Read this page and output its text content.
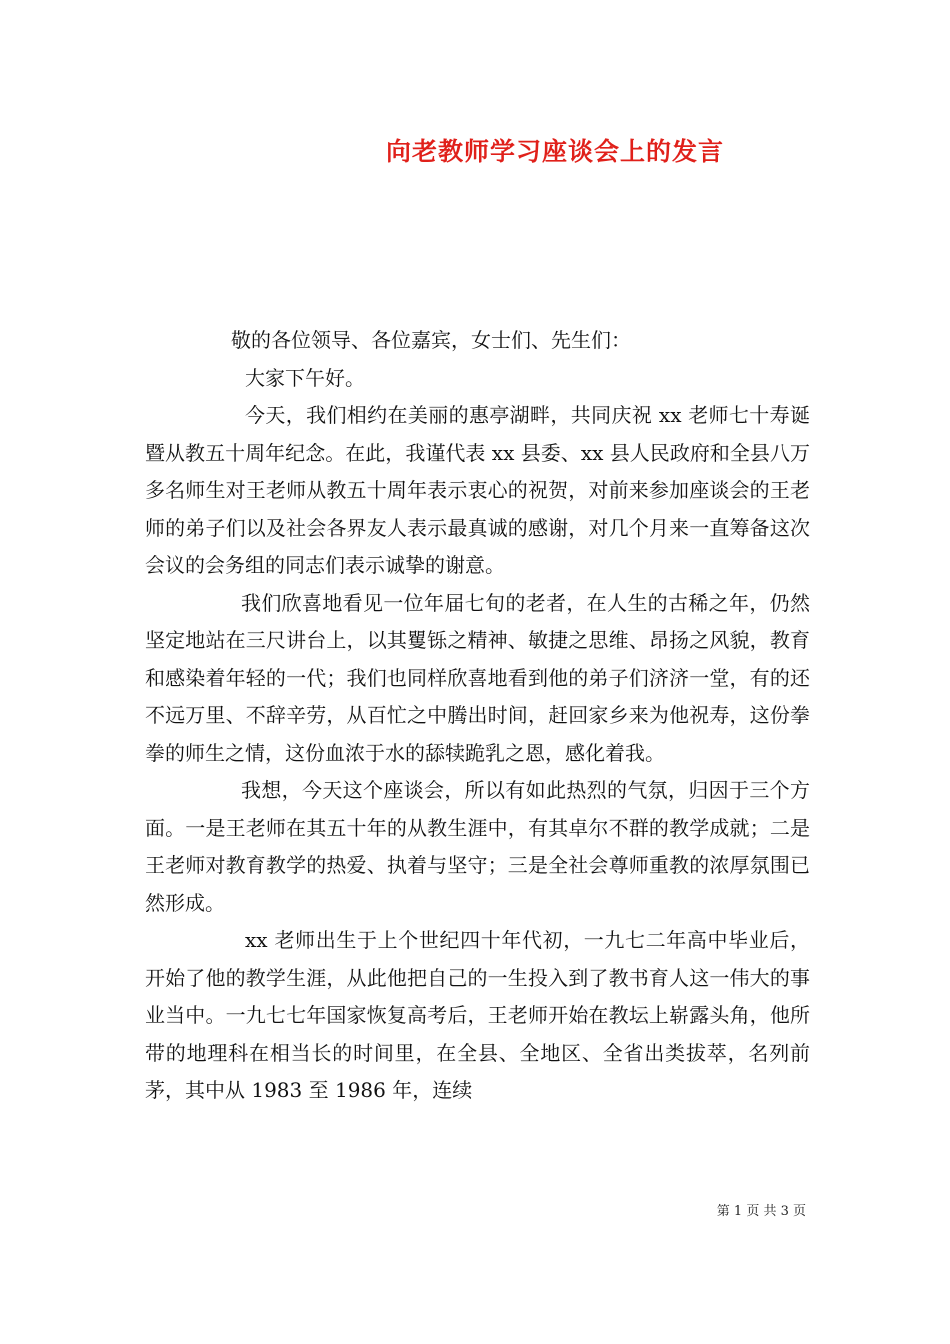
向老教师学习座谈会上的发言

敬的各位领导、各位嘉宾，女士们、先生们：

大家下午好。

今天，我们相约在美丽的惠亭湖畔，共同庆祝 xx 老师七十寿诞暨从教五十周年纪念。在此，我谨代表 xx 县委、xx 县人民政府和全县八万多名师生对王老师从教五十周年表示衷心的祝贺，对前来参加座谈会的王老师的弟子们以及社会各界友人表示最真诚的感谢，对几个月来一直筹备这次会议的会务组的同志们表示诚挚的谢意。

我们欣喜地看见一位年届七旬的老者，在人生的古稀之年，仍然坚定地站在三尺讲台上，以其矍铄之精神、敏捷之思维、昂扬之风貌，教育和感染着年轻的一代；我们也同样欣喜地看到他的弟子们济济一堂，有的还不远万里、不辞辛劳，从百忙之中腾出时间，赶回家乡来为他祝寿，这份拳拳的师生之情，这份血浓于水的舔犊跪乳之恩，感化着我。

我想，今天这个座谈会，所以有如此热烈的气氛，归因于三个方面。一是王老师在其五十年的从教生涯中，有其卓尔不群的教学成就；二是王老师对教育教学的热爱、执着与坚守；三是全社会尊师重教的浓厚氛围已然形成。

xx 老师出生于上个世纪四十年代初，一九七二年高中毕业后，开始了他的教学生涯，从此他把自己的一生投入到了教书育人这一伟大的事业当中。一九七七年国家恢复高考后，王老师开始在教坛上崭露头角，他所带的地理科在相当长的时间里，在全县、全地区、全省出类拔萃，名列前茅，其中从 1983 至 1986 年，连续

第 1 页 共 3 页
